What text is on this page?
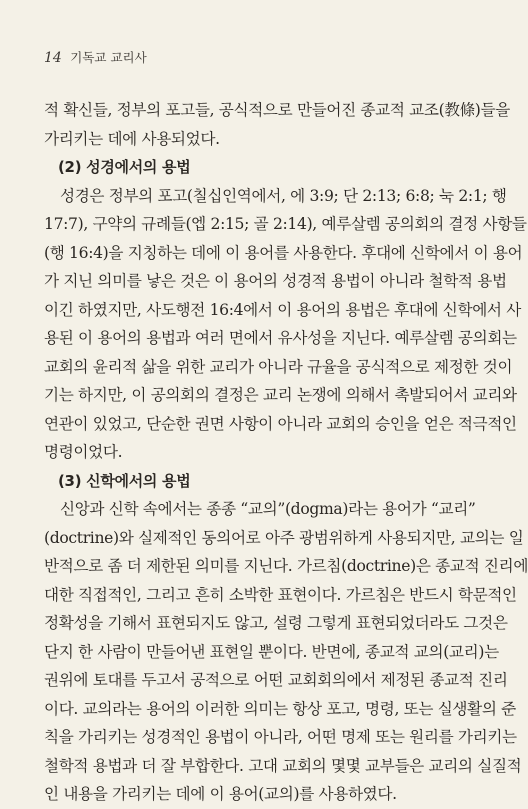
14 기독교 교리사
적 확신들, 정부의 포고들, 공식적으로 만들어진 종교적 교조(教條)들을
가리키는 데에 사용되었다.
(2) 성경에서의 용법
성경은 정부의 포고(칠십인역에서, 에 3:9; 단 2:13; 6:8; 눅 2:1; 행
17:7), 구약의 규례들(엡 2:15; 골 2:14), 예루살렘 공의회의 결정 사항들
(행 16:4)을 지칭하는 데에 이 용어를 사용한다. 후대에 신학에서 이 용어
가 지닌 의미를 낳은 것은 이 용어의 성경적 용법이 아니라 철학적 용법
이긴 하였지만, 사도행전 16:4에서 이 용어의 용법은 후대에 신학에서 사
용된 이 용어의 용법과 여러 면에서 유사성을 지닌다. 예루살렘 공의회는
교회의 윤리적 삶을 위한 교리가 아니라 규율을 공식적으로 제정한 것이
기는 하지만, 이 공의회의 결정은 교리 논쟁에 의해서 촉발되어서 교리와
연관이 있었고, 단순한 권면 사항이 아니라 교회의 승인을 얻은 적극적인
명령이었다.
(3) 신학에서의 용법
신앙과 신학 속에서는 종종 “교의”(dogma)라는 용어가 “교리”
(doctrine)와 실제적인 동의어로 아주 광범위하게 사용되지만, 교의는 일
반적으로 좀 더 제한된 의미를 지닌다. 가르침(doctrine)은 종교적 진리에
대한 직접적인, 그리고 흔히 소박한 표현이다. 가르침은 반드시 학문적인
정확성을 기해서 표현되지도 않고, 설령 그렇게 표현되었더라도 그것은
단지 한 사람이 만들어낸 표현일 뿐이다. 반면에, 종교적 교의(교리)는
권위에 토대를 두고서 공적으로 어떤 교회회의에서 제정된 종교적 진리
이다. 교의라는 용어의 이러한 의미는 항상 포고, 명령, 또는 실생활의 준
칙을 가리키는 성경적인 용법이 아니라, 어떤 명제 또는 원리를 가리키는
철학적 용법과 더 잘 부합한다. 고대 교회의 몇몇 교부들은 교리의 실질적
인 내용을 가리키는 데에 이 용어(교의)를 사용하였다.
